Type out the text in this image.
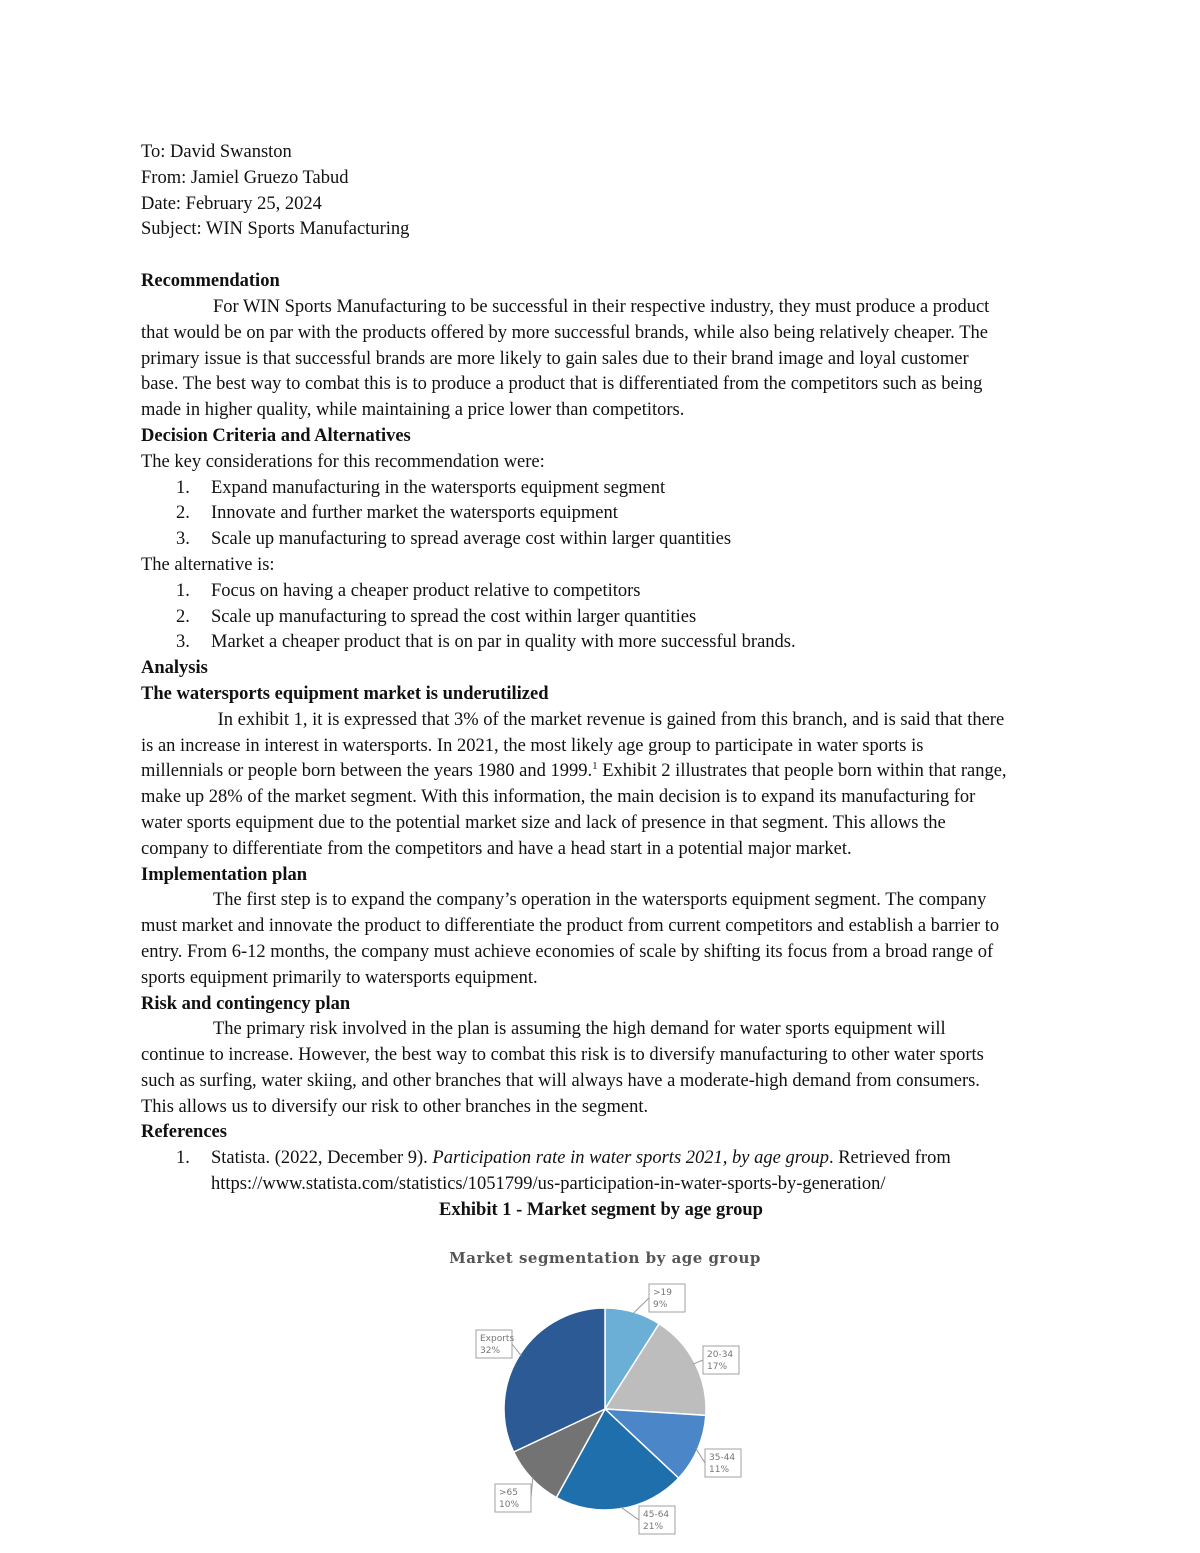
To: David Swanston

From: Jamiel Gruezo Tabud

Date: February 25, 2024

Subject: WIN Sports Manufacturing

Recommendation

For WIN Sports Manufacturing to be successful in their respective industry, they must produce a product

that would be on par with the products offered by more successful brands, while also being relatively cheaper. The

primary issue is that successful brands are more likely to gain sales due to their brand image and loyal customer

base. The best way to combat this is to produce a product that is differentiated from the competitors such as being

made in higher quality, while maintaining a price lower than competitors.

Decision Criteria and Alternatives

The key considerations for this recommendation were:

1. Expand manufacturing in the watersports equipment segment
2. Innovate and further market the watersports equipment
3. Scale up manufacturing to spread average cost within larger quantities

The alternative is:

1. Focus on having a cheaper product relative to competitors
2. Scale up manufacturing to spread the cost within larger quantities
3. Market a cheaper product that is on par in quality with more successful brands.

Analysis

The watersports equipment market is underutilized

In exhibit 1, it is expressed that 3% of the market revenue is gained from this branch, and is said that there

is an increase in interest in watersports. In 2021, the most likely age group to participate in water sports is

millennials or people born between the years 1980 and 1999.$^1$ Exhibit 2 illustrates that people born within that range,

make up 28% of the market segment. With this information, the main decision is to expand its manufacturing for

water sports equipment due to the potential market size and lack of presence in that segment. This allows the

company to differentiate from the competitors and have a head start in a potential major market.

Implementation plan

The first step is to expand the company’s operation in the watersports equipment segment. The company

must market and innovate the product to differentiate the product from current competitors and establish a barrier to

entry. From 6-12 months, the company must achieve economies of scale by shifting its focus from a broad range of

sports equipment primarily to watersports equipment.

Risk and contingency plan

The primary risk involved in the plan is assuming the high demand for water sports equipment will

continue to increase. However, the best way to combat this risk is to diversify manufacturing to other water sports

such as surfing, water skiing, and other branches that will always have a moderate-high demand from consumers.

This allows us to diversify our risk to other branches in the segment.

References

1. Statista. (2022, December 9). Participation rate in water sports 2021, by age group. Retrieved from
https://www.statista.com/statistics/1051799/us-participation-in-water-sports-by-generation/

Exhibit 1 - Market segment by age group

Market segmentation by age group
>19
9%
20-34
17%
35-44
11%
45-64
21%
>65
10%
Exports
32%
